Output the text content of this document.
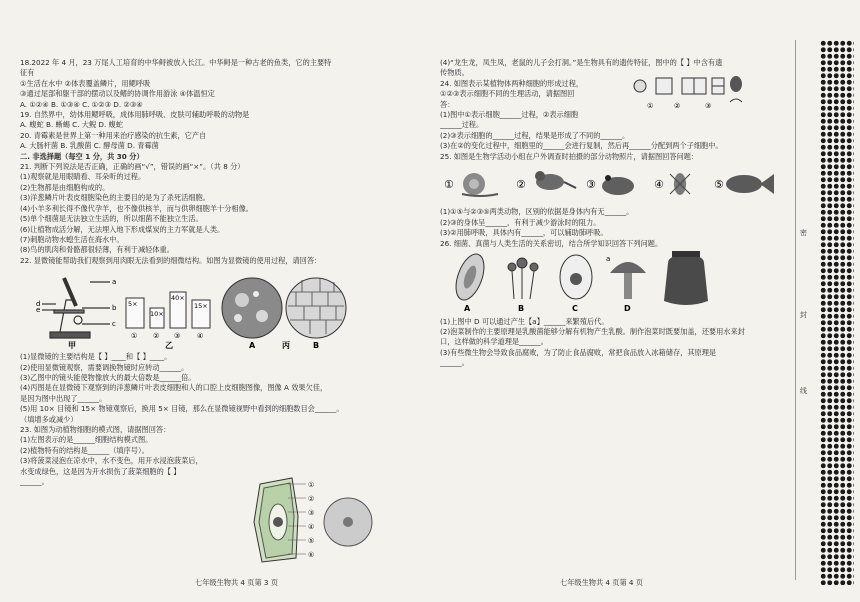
18.2022 年 4 月，23 万尾人工培育的中华鲟被放入长江。中华鲟是一种古老的鱼类，它的主要特
征有
①生活在水中 ②体表覆盖鳞片，用鳃呼吸
③通过尾部和躯干部的摆动以及鳍的协调作用游泳 ④体温恒定
A. ①②④ B. ①③④ C. ①②③ D. ②③④
19. 自然界中，幼体用鳃呼吸，成体用肺呼吸、皮肤可辅助呼吸的动物是
A. 蝮蛇 B. 蜥蜴 C. 大鲵 D. 蝮蛇
20. 青霉素是世界上第一种用来治疗感染的抗生素，它产自
A. 大肠杆菌 B. 乳酸菌 C. 酵母菌 D. 青霉菌
二. 非选择题（每空 1 分，共 30 分）
21. 判断下列说法是否正确，正确的画“√”，错误的画“×”。（共 8 分）
(1)观察就是用眼睛看、耳朵听的过程。
(2)生物都是由细胞构成的。
(3)洋葱鳞片叶表皮细胞染色的主要目的是为了杀死活细胞。
(4)小羊多利长得不像代孕羊，也不像供核羊，而与供卵细胞羊十分相像。
(5)单个细菌是无法独立生活的，所以细菌不能独立生活。
(6)让植物成活分解，无法埋入地下形成煤炭的主力军就是人类。
(7)刺胞动物水螅生活在海水中。
(8)鸟的肌肉和骨骼都很轻薄，有利于减轻体重。
22. 显微镜能帮助我们观察到用肉眼无法看到的细微结构。如图为显微镜的使用过程，请回答：
a
b
c
d
e
甲
5×
10×
40×
15×
① ② ③ ④
乙	A	丙	B
(1)显微镜的主要结构是【 】____和【 】____。
(2)使用显微镜观察，需要调换物镜时应转动______。
(3)乙图中的镜头能使物像放大的最大倍数是______倍。
(4)丙图是在显微镜下观察到的洋葱鳞片叶表皮细胞和人的口腔上皮细胞图像，图像 A 效果欠佳，
是因为图中出现了______。
(5)用 10× 目镜和 15× 物镜观察后，换用 5× 目镜，那么在显微镜视野中看到的细胞数目会______。
（填增多或减少）
23. 如图为动植物细胞的模式图，请据图回答：
(1)左图表示的是______细胞结构模式图。
(2)植物特有的结构是______（填序号）。
(3)将菠菜浸泡在凉水中，水不变色，用开水浸泡菠菜后，
水变成绿色，这是因为开水损伤了菠菜细胞的【 】
______。	①
②
③
④
⑤
⑥
(4)“龙生龙，凤生凤，老鼠的儿子会打洞。”是生物具有的遗传特征，图中的【 】中含有遗
传物质。
24. 如图表示某植物体两种细胞的形成过程，
①②③表示细胞不同的生理活动，请据图回
答：
(1)图中①表示细胞______过程，②表示细胞
______过程。
(2)③表示细胞的______过程，结果是形成了不同的______。
(3)在②的变化过程中，细胞里的______会进行复制，然后再______分配到两个子细胞中。
25. 如图是生物学活动小组在户外调查时拍摄的部分动物照片，请据图回答问题：
①	②	③	④	⑤
(1)①⑤与②③⑤两类动物，区别的依据是身体内有无______。
(2)③的身体呈______，有利于减少游泳时的阻力。
(3)②用肺呼吸，具体内有______，可以辅助肺呼吸。
26. 细菌、真菌与人类生活的关系密切，结合所学知识回答下列问题。
a
A	B	C	D
(1)上图中 D 可以通过产生【a】______来繁殖后代。
(2)泡菜制作的主要原理是乳酸菌能够分解有机物产生乳酸。制作泡菜时既要加盖，还要用水来封
口，这样做的科学道理是______。
(3)有些微生物会导致食品腐败，为了防止食品腐败，常把食品放入冰箱储存，其原理是
______。
①	②	③
七年级生物共 4 页第 3 页	七年级生物共 4 页第 4 页
密
封
线
